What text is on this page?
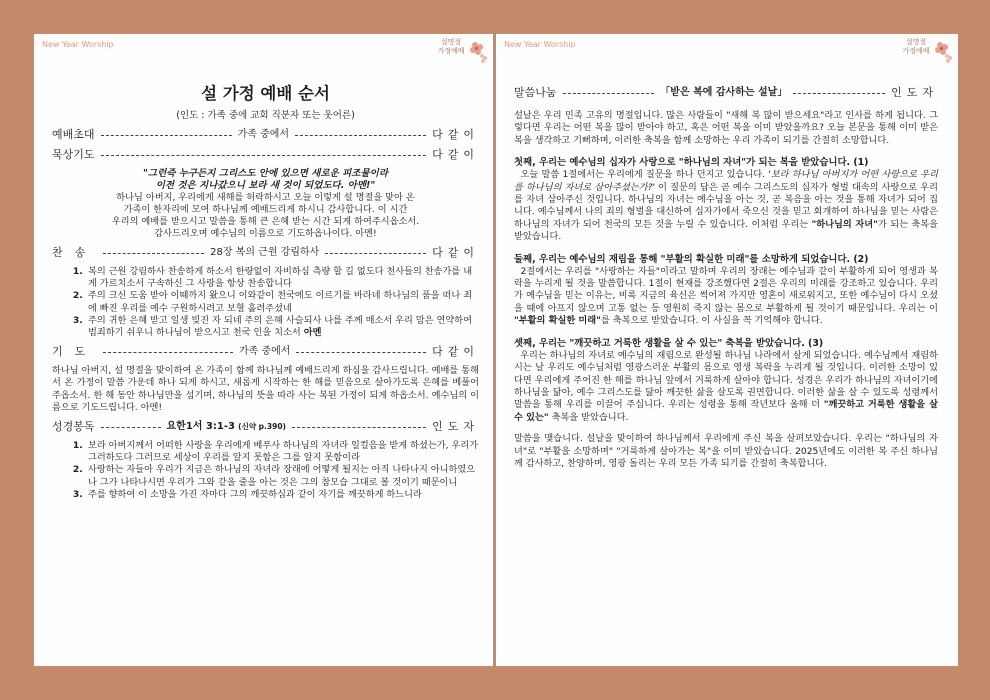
New Year Worship	설명절
가정예배
설 가정 예배 순서

(인도 : 가족 중에 교회 직분자 또는 웃어른)

예배초대	가족 중에서	다같이
묵상기도	다같이

"그런즉 누구든지 그리스도 안에 있으면 새로운 피조물이라
이전 것은 지나갔으니 보라 새 것이 되었도다. 아멘!"

하나님 아버지, 우리에게 새해를 허락하시고 오늘 이렇게 설 명절을 맞아 온
가족이 한자리에 모여 하나님께 예배드리게 하시니 감사합니다. 이 시간
우리의 예배를 받으시고 말씀을 통해 큰 은혜 받는 시간 되게 하여주시옵소서.
감사드리오며 예수님의 이름으로 기도하옵나이다. 아멘!

찬송	28장 복의 근원 강림하사	다같이
1. 복의 근원 강림하사 찬송하게 하소서 한량없이 자비하심 측량 할 길 없도다 천사들의 찬송가를 내게 가르치소서 구속하신 그 사랑을 항상 찬송합니다
2. 주의 크신 도움 받아 이때까지 왔으니 이와같이 천국에도 이르기를 바라네 하나님의 품을 떠나 죄에 빠진 우리를 예수 구원하시려고 보혈 흘려주셨네
3. 주의 귀한 은혜 받고 일생 빚진 자 되네 주의 은혜 사슬되사 나를 주께 매소서 우리 맘은 연약하여 범죄하기 쉬우니 하나님이 받으시고 천국 인을 치소서 아멘
기도	가족 중에서	다같이

하나님 아버지, 설 명절을 맞이하여 온 가족이 함께 하나님께 예배드리게 하심을 감사드립니다. 예배를 통해서 온 가정이 말씀 가운데 하나 되게 하시고, 새롭게 시작하는 한 해를 믿음으로 살아가도록 은혜를 베풀어 주옵소서. 한 해 동안 하나님만을 섬기며, 하나님의 뜻을 따라 사는 복된 가정이 되게 하옵소서. 예수님의 이름으로 기도드립니다. 아멘!

성경봉독	요한1서 3:1-3 (신약 p.390)	인도자
1. 보라 아버지께서 어떠한 사랑을 우리에게 베푸사 하나님의 자녀라 일컬음을 받게 하셨는가, 우리가 그러하도다 그러므로 세상이 우리를 알지 못함은 그를 알지 못함이라
2. 사랑하는 자들아 우리가 지금은 하나님의 자녀라 장래에 어떻게 될지는 아직 나타나지 아니하였으나 그가 나타나시면 우리가 그와 같을 줄을 아는 것은 그의 참모습 그대로 볼 것이기 때문이니
3. 주를 향하여 이 소망을 가진 자마다 그의 깨끗하심과 같이 자기를 깨끗하게 하느니라
New Year Worship	설명절
가정예배
말씀나눔	「받은 복에 감사하는 설날」	인도자

설날은 우리 민족 고유의 명절입니다. 많은 사람들이 "새해 복 많이 받으세요"라고 인사를 하게 됩니다. 그렇다면 우리는 어떤 복을 많이 받아야 하고, 혹은 어떤 복을 이미 받았을까요? 오늘 본문을 통해 이미 받은 복을 생각하고 기뻐하며, 이러한 축복을 함께 소망하는 우리 가족이 되기를 간절히 소망합니다.

첫째, 우리는 예수님의 십자가 사랑으로 "하나님의 자녀"가 되는 복을 받았습니다. (1)

오늘 말씀 1절에서는 우리에게 질문을 하나 던지고 있습니다. '보라 하나님 아버지가 어떤 사랑으로 우리를 하나님의 자녀로 삼아주셨는가?' 이 질문의 답은 곧 예수 그리스도의 십자가 형벌 대속의 사랑으로 우리를 자녀 삼아주신 것입니다. 하나님의 자녀는 예수님을 아는 것, 곧 복음을 아는 것을 통해 자녀가 되어 집니다. 예수님께서 나의 죄의 형벌을 대신하여 십자가에서 죽으신 것을 믿고 회개하여 하나님을 믿는 사람은 하나님의 자녀가 되어 천국의 모든 것을 누릴 수 있습니다. 이처럼 우리는 "하나님의 자녀"가 되는 축복을 받았습니다.

둘째, 우리는 예수님의 재림을 통해 "부활의 확실한 미래"를 소망하게 되었습니다. (2)

2절에서는 우리를 "사랑하는 자들"이라고 말하며 우리의 장래는 예수님과 같이 부활하게 되어 영생과 복락을 누리게 될 것을 말씀합니다. 1절이 현재를 강조했다면 2절은 우리의 미래를 강조하고 있습니다. 우리가 예수님을 믿는 이유는, 비록 지금의 육신은 썩어져 가지만 영혼이 새로워지고, 또한 예수님이 다시 오셨을 때에 아프지 않으며 고통 없는 등 영원히 죽지 않는 몸으로 부활하게 될 것이기 때문입니다. 우리는 이 "부활의 확실한 미래"를 축복으로 받았습니다. 이 사실을 꼭 기억해야 합니다.

셋째, 우리는 "깨끗하고 거룩한 생활을 살 수 있는" 축복을 받았습니다. (3)

우리는 하나님의 자녀로 예수님의 재림으로 완성될 하나님 나라에서 살게 되었습니다. 예수님께서 재림하시는 날 우리도 예수님처럼 영광스러운 부활의 몸으로 영생 복락을 누리게 될 것입니다. 이러한 소망이 있다면 우리에게 주어진 한 해를 하나님 앞에서 거룩하게 살아야 합니다. 성경은 우리가 하나님의 자녀이기에 하나님을 닮아, 예수 그리스도를 닮아 깨끗한 삶을 살도록 권면합니다. 이러한 삶을 살 수 있도록 성령께서 말씀을 통해 우리를 이끌어 주십니다. 우리는 성령을 통해 작년보다 올해 더 "깨끗하고 거룩한 생활을 살 수 있는" 축복을 받았습니다.

말씀을 맺습니다. 설날을 맞이하여 하나님께서 우리에게 주신 복을 살펴보았습니다. 우리는 "하나님의 자녀"로 "부활을 소망하며" "거룩하게 살아가는 복"을 이미 받았습니다. 2025년에도 이러한 복 주신 하나님께 감사하고, 찬양하며, 영광 돌리는 우리 모든 가족 되기를 간절히 축복합니다.
